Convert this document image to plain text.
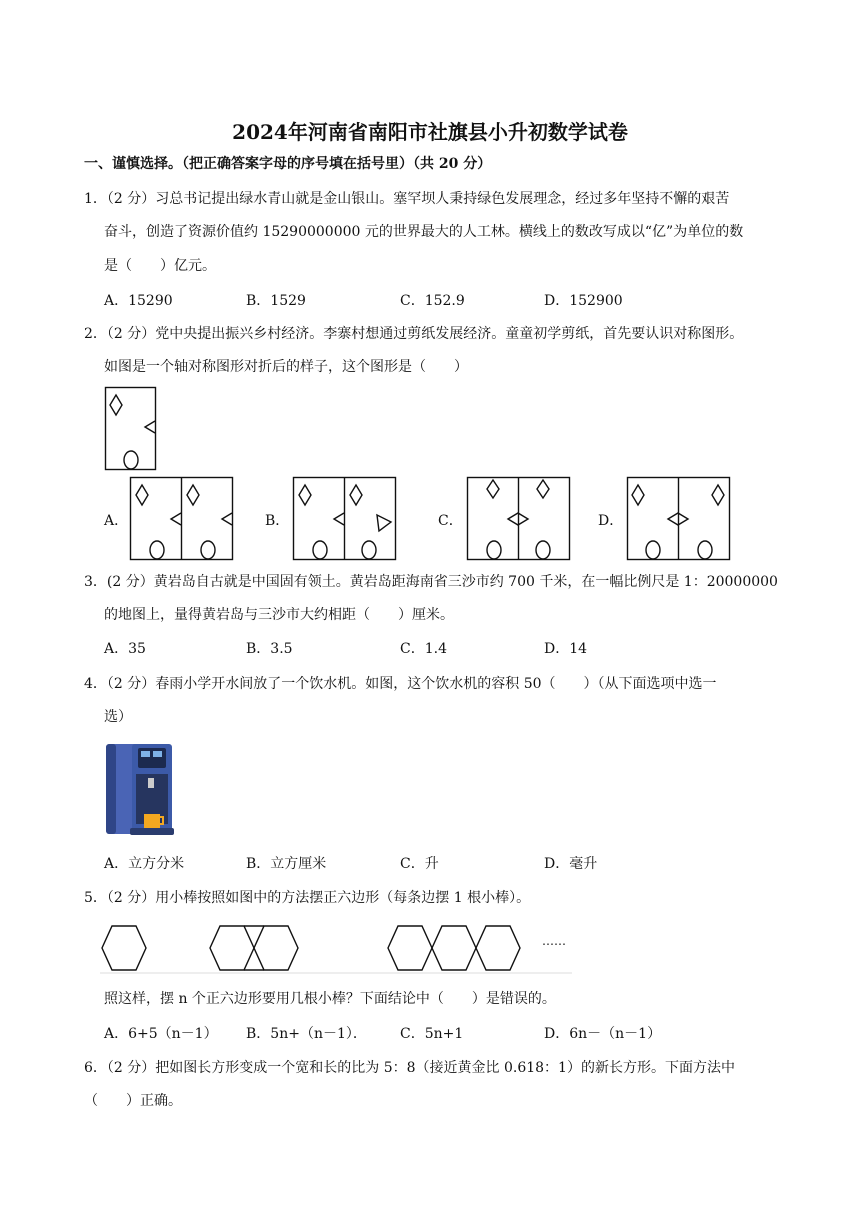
2024年河南省南阳市社旗县小升初数学试卷
一、谨慎选择。（把正确答案字母的序号填在括号里）（共 20 分）
1．（2 分）习总书记提出绿水青山就是金山银山。塞罕坝人秉持绿色发展理念，经过多年坚持不懈的艰苦
奋斗，创造了资源价值约 15290000000 元的世界最大的人工林。横线上的数改写成以“亿”为单位的数
是（　　）亿元。
A．15290	B．1529	C．152.9	D．152900
2．（2 分）党中央提出振兴乡村经济。李寨村想通过剪纸发展经济。童童初学剪纸，首先要认识对称图形。
如图是一个轴对称图形对折后的样子，这个图形是（　　）
A．	B．	C．	D．
3．(2 分）黄岩岛自古就是中国固有领土。黄岩岛距海南省三沙市约 700 千米，在一幅比例尺是 1：20000000
的地图上，量得黄岩岛与三沙市大约相距（　　）厘米。
A．35	B．3.5	C．1.4	D．14
4．（2 分）春雨小学开水间放了一个饮水机。如图，这个饮水机的容积 50（　　）（从下面选项中选一
选）
A．立方分米	B．立方厘米	C．升	D．毫升
5．（2 分）用小棒按照如图中的方法摆正六边形（每条边摆 1 根小棒）。
……
照这样，摆 n 个正六边形要用几根小棒？下面结论中（　　）是错误的。
A．6+5（n－1） B．5n+（n－1）． C．5n+1	D．6n－（n－1）
6．（2 分）把如图长方形变成一个宽和长的比为 5：8（接近黄金比 0.618：1）的新长方形。下面方法中
（　　）正确。
